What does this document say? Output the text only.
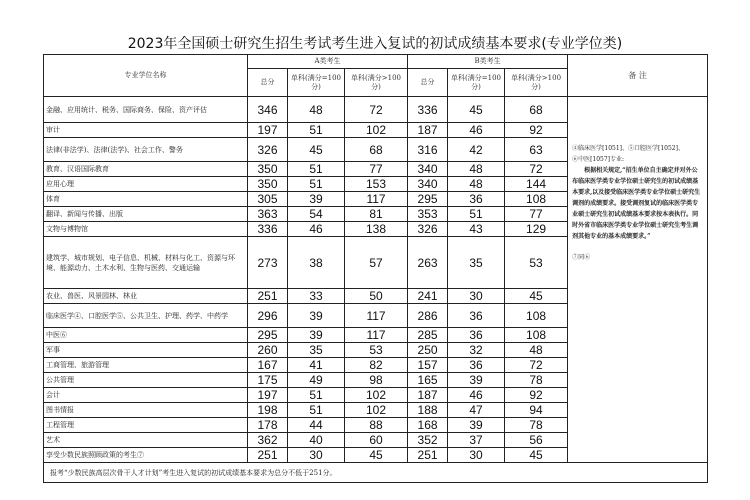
2023年全国硕士研究生招生考试考生进入复试的初试成绩基本要求(专业学位类)
专业学位名称	A类考生			B类考生			备 注
	总分	单科(满分=100分)	单科(满分>100分)	总分	单科(满分=100分)	单科(满分>100分)	
金融、应用统计、税务、国际商务、保险、资产评估	346	48	72	336	45	68	④临床医学[1051]、⑤口腔医学[1052]、

⑥中医[1057]专业:

根据相关规定,“招生单位自主确定并对外公布临床医学类专业学位硕士研究生的初试成绩基本要求,以及接受临床医学类专业学位硕士研究生调剂的成绩要求。接受调剂复试的临床医学类专业硕士研究生初试成绩基本要求按本表执行。同时外省市临床医学类专业学位硕士研究生考生调剂其他专业的基本成绩要求。”

⑦同⑥

审计	197	51	102	187	46	92	
法律(非法学)、法律(法学)、社会工作、警务	326	45	68	316	42	63	
教育、汉语国际教育	350	51	77	340	48	72	
应用心理	350	51	153	340	48	144	
体育	305	39	117	295	36	108	
翻译、新闻与传播、出版	363	54	81	353	51	77	
文物与博物馆	336	46	138	326	43	129	
建筑学、城市规划、电子信息、机械、材料与化工、资源与环境、能源动力、土木水利、生物与医药、交通运输	273	38	57	263	35	53	
农业、兽医、风景园林、林业	251	33	50	241	30	45	
临床医学④、口腔医学⑤、公共卫生、护理、药学、中药学	296	39	117	286	36	108	
中医⑥	295	39	117	285	36	108	
军事	260	35	53	250	32	48	
工商管理、旅游管理	167	41	82	157	36	72	
公共管理	175	49	98	165	39	78	
会计	197	51	102	187	46	92	
图书情报	198	51	102	188	47	94	
工程管理	178	44	88	168	39	78	
艺术	362	40	60	352	37	56	
享受少数民族照顾政策的考生⑦	251	30	45	251	30	45	
报考“少数民族高层次骨干人才计划”考生进入复试的初试成绩基本要求为总分不低于251分。							
